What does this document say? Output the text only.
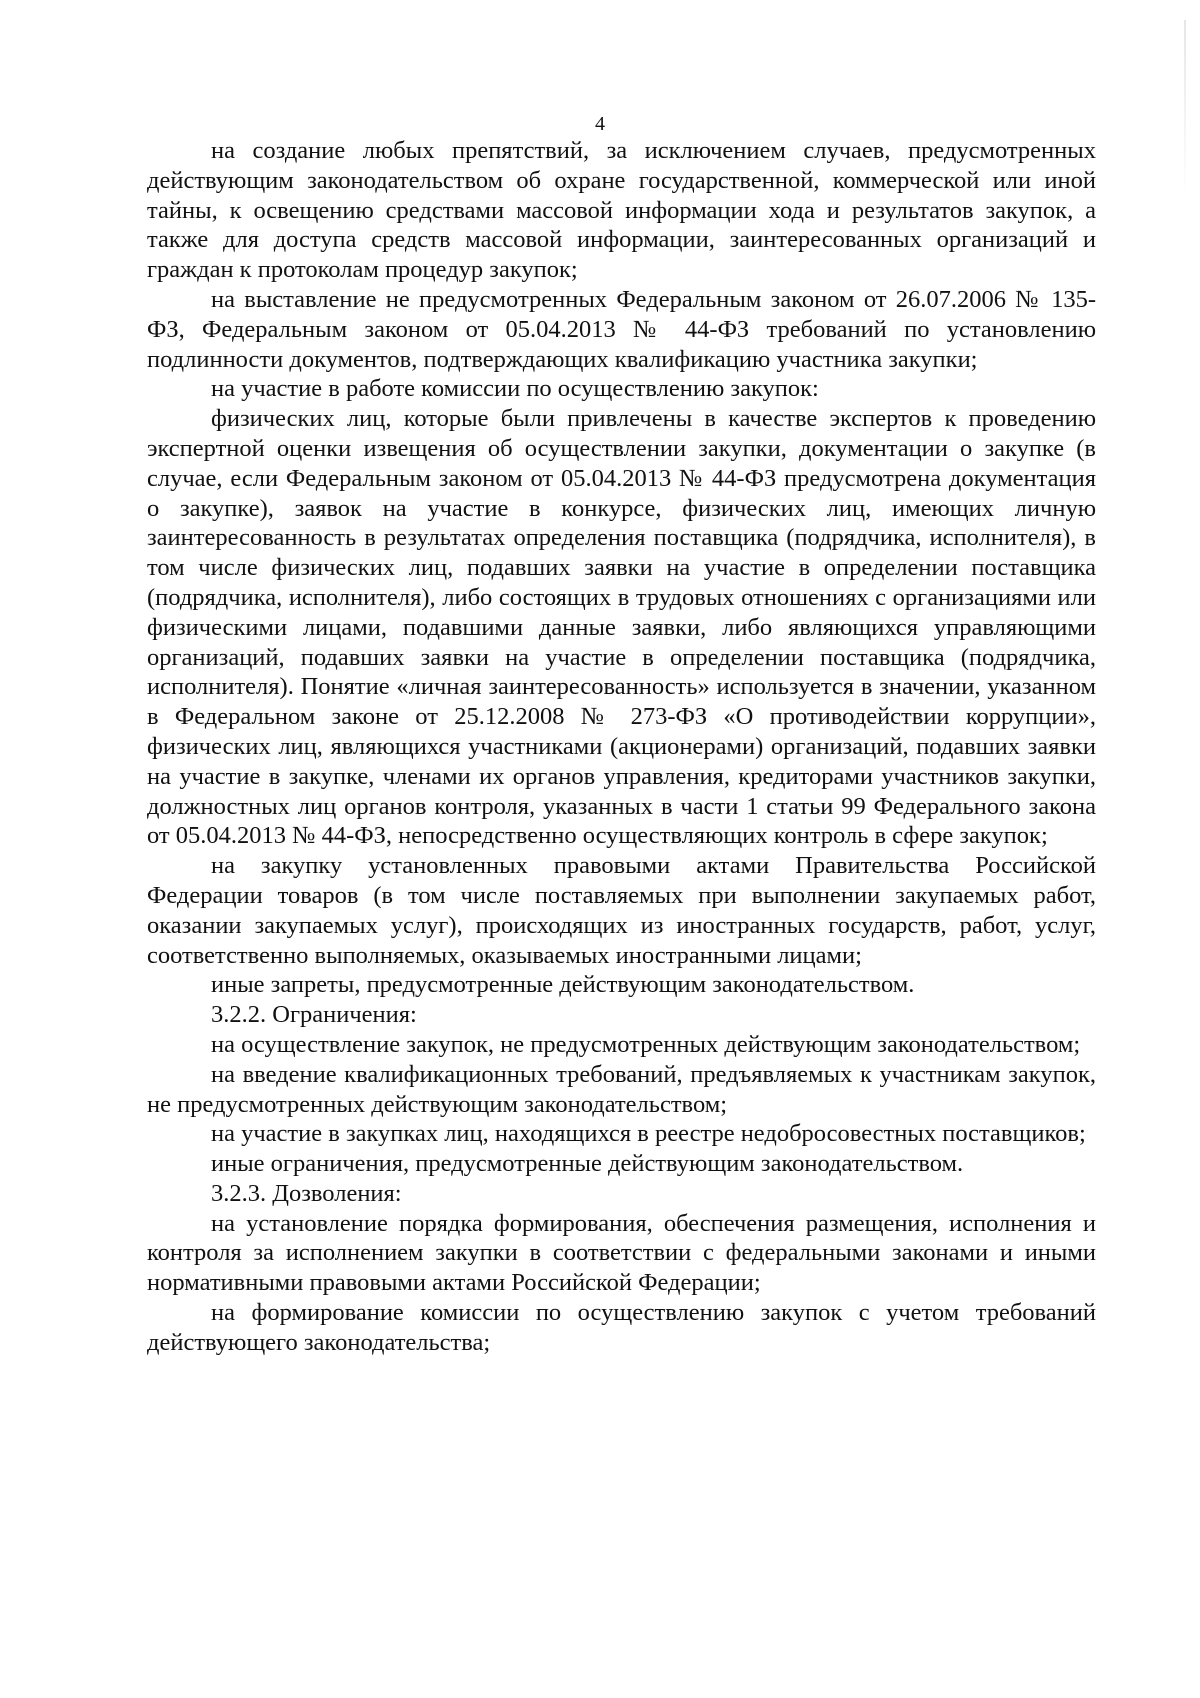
4

на создание любых препятствий, за исключением случаев, предусмотренных действующим законодательством об охране государственной, коммерческой или иной тайны, к освещению средствами массовой информации хода и результатов закупок, а также для доступа средств массовой информации, заинтересованных организаций и граждан к протоколам процедур закупок;

на выставление не предусмотренных Федеральным законом от 26.07.2006 № 135-ФЗ, Федеральным законом от 05.04.2013 № 44-ФЗ требований по установлению подлинности документов, подтверждающих квалификацию участника закупки;

на участие в работе комиссии по осуществлению закупок:

физических лиц, которые были привлечены в качестве экспертов к проведению экспертной оценки извещения об осуществлении закупки, документации о закупке (в случае, если Федеральным законом от 05.04.2013 № 44-ФЗ предусмотрена документация о закупке), заявок на участие в конкурсе, физических лиц, имеющих личную заинтересованность в результатах определения поставщика (подрядчика, исполнителя), в том числе физических лиц, подавших заявки на участие в определении поставщика (подрядчика, исполнителя), либо состоящих в трудовых отношениях с организациями или физическими лицами, подавшими данные заявки, либо являющихся управляющими организаций, подавших заявки на участие в определении поставщика (подрядчика, исполнителя). Понятие «личная заинтересованность» используется в значении, указанном в Федеральном законе от 25.12.2008 № 273-ФЗ «О противодействии коррупции», физических лиц, являющихся участниками (акционерами) организаций, подавших заявки на участие в закупке, членами их органов управления, кредиторами участников закупки, должностных лиц органов контроля, указанных в части 1 статьи 99 Федерального закона от 05.04.2013 № 44-ФЗ, непосредственно осуществляющих контроль в сфере закупок;

на закупку установленных правовыми актами Правительства Российской Федерации товаров (в том числе поставляемых при выполнении закупаемых работ, оказании закупаемых услуг), происходящих из иностранных государств, работ, услуг, соответственно выполняемых, оказываемых иностранными лицами;

иные запреты, предусмотренные действующим законодательством.

3.2.2. Ограничения:

на осуществление закупок, не предусмотренных действующим законодательством;

на введение квалификационных требований, предъявляемых к участникам закупок, не предусмотренных действующим законодательством;

на участие в закупках лиц, находящихся в реестре недобросовестных поставщиков;

иные ограничения, предусмотренные действующим законодательством.

3.2.3. Дозволения:

на установление порядка формирования, обеспечения размещения, исполнения и контроля за исполнением закупки в соответствии с федеральными законами и иными нормативными правовыми актами Российской Федерации;

на формирование комиссии по осуществлению закупок с учетом требований действующего законодательства;
